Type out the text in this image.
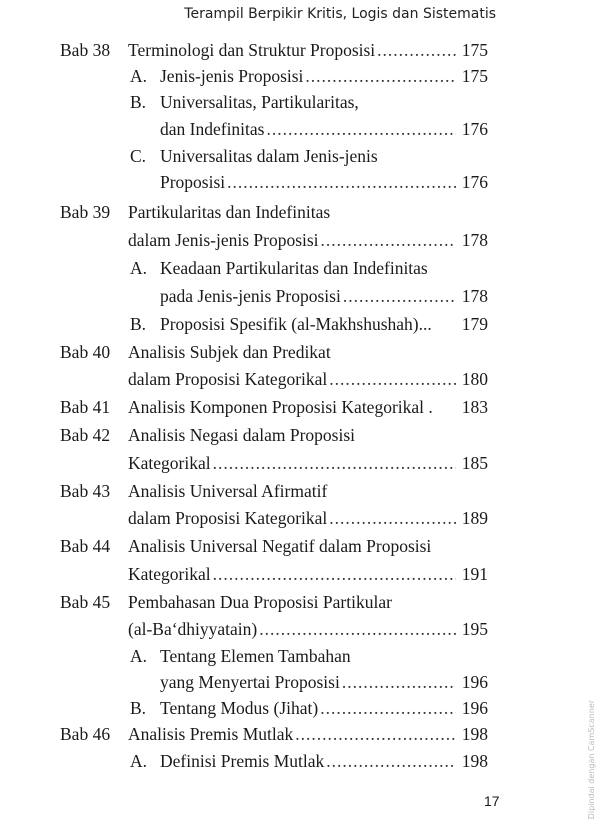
Terampil Berpikir Kritis, Logis dan Sistematis
Bab 38 Terminologi dan Struktur Proposisi .....	175
A. Jenis-jenis Proposisi .....	175
B. Universalitas, Partikularitas,
dan Indefinitas .....	176
C. Universalitas dalam Jenis-jenis
Proposisi .....	176
Bab 39 Partikularitas dan Indefinitas
dalam Jenis-jenis Proposisi .....	178
A. Keadaan Partikularitas dan Indefinitas
pada Jenis-jenis Proposisi .....	178
B. Proposisi Spesifik (al-Makhshushah)... 179
Bab 40 Analisis Subjek dan Predikat
dalam Proposisi Kategorikal .....	180
Bab 41 Analisis Komponen Proposisi Kategorikal . 183
Bab 42 Analisis Negasi dalam Proposisi
Kategorikal .....	185
Bab 43 Analisis Universal Afirmatif
dalam Proposisi Kategorikal .....	189
Bab 44 Analisis Universal Negatif dalam Proposisi
Kategorikal .....	191
Bab 45 Pembahasan Dua Proposisi Partikular
(al-Ba‘dhiyyatain) .....	195
A. Tentang Elemen Tambahan
yang Menyertai Proposisi .....	196
B. Tentang Modus (Jihat) .....	196
Bab 46 Analisis Premis Mutlak .....	198
A. Definisi Premis Mutlak .....	198
17	Dipindai dengan CamScanner
